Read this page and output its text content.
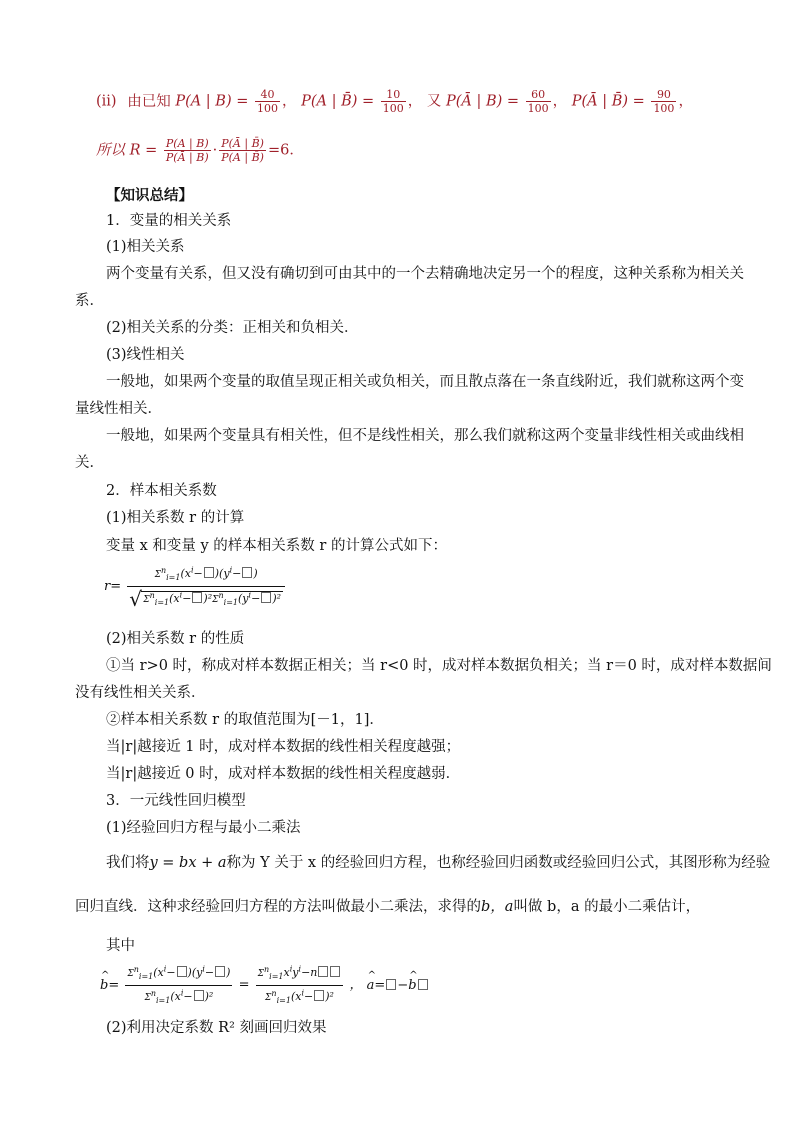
(ii) 由已知 P(A | $B) = \frac{40}{100}$ ， P(A | B̄) = $\frac{10}{100}$ ， 又 P(Ā | $B) = \frac{60}{100}$ ， P(Ā | B̄) = $\frac{90}{100}$ ，
所以 $R = \frac{P(A | B)}{P(Ā | B)} \cdot \frac{P(Ā | B̄)}{P(A | B̄)} =6$．
【知识总结】
1．变量的相关关系
(1)相关关系
两个变量有关系，但又没有确切到可由其中的一个去精确地决定另一个的程度，这种关系称为相关关
系．
(2)相关关系的分类：正相关和负相关．
(3)线性相关
一般地，如果两个变量的取值呈现正相关或负相关，而且散点落在一条直线附近，我们就称这两个变
量线性相关．
一般地，如果两个变量具有相关性，但不是线性相关，那么我们就称这两个变量非线性相关或曲线相
关．
2．样本相关系数
(1)相关系数 r 的计算
变量 x 和变量 y 的样本相关系数 r 的计算公式如下：
$r= \frac{\Sigma^n_{i=1}(x^i- )(y^i- )}{√ \Sigma^n_{i=1}(x^i- )^2\Sigma^n_{i=1}(y^i- )^2}$
(2)相关系数 r 的性质
①当 r>0 时，称成对样本数据正相关；当 r<0 时，成对样本数据负相关；当 r＝0 时，成对样本数据间
没有线性相关关系．
②样本相关系数 r 的取值范围为[－1，1]．
当|r|越接近 1 时，成对样本数据的线性相关程度越强；
当|r|越接近 0 时，成对样本数据的线性相关程度越弱．
3．一元线性回归模型
(1)经验回归方程与最小二乘法
我们将y = bx + a称为 Y 关于 x 的经验回归方程，也称经验回归函数或经验回归公式，其图形称为经验
回归直线．这种求经验回归方程的方法叫做最小二乘法，求得的b，a叫做 b，a 的最小二乘估计，
其中
^ $b= \frac{\Sigma^n_{i=1}(x^i- )(y^i- )}{\Sigma^n_{i=1}(x^i- )^2} = \frac{\Sigma^n_{i=1}x^iy^i-n}{\Sigma^n_{i=1}(x^i- )^2}$ ， ^ a= −^ b
(2)利用决定系数 R² 刻画回归效果
